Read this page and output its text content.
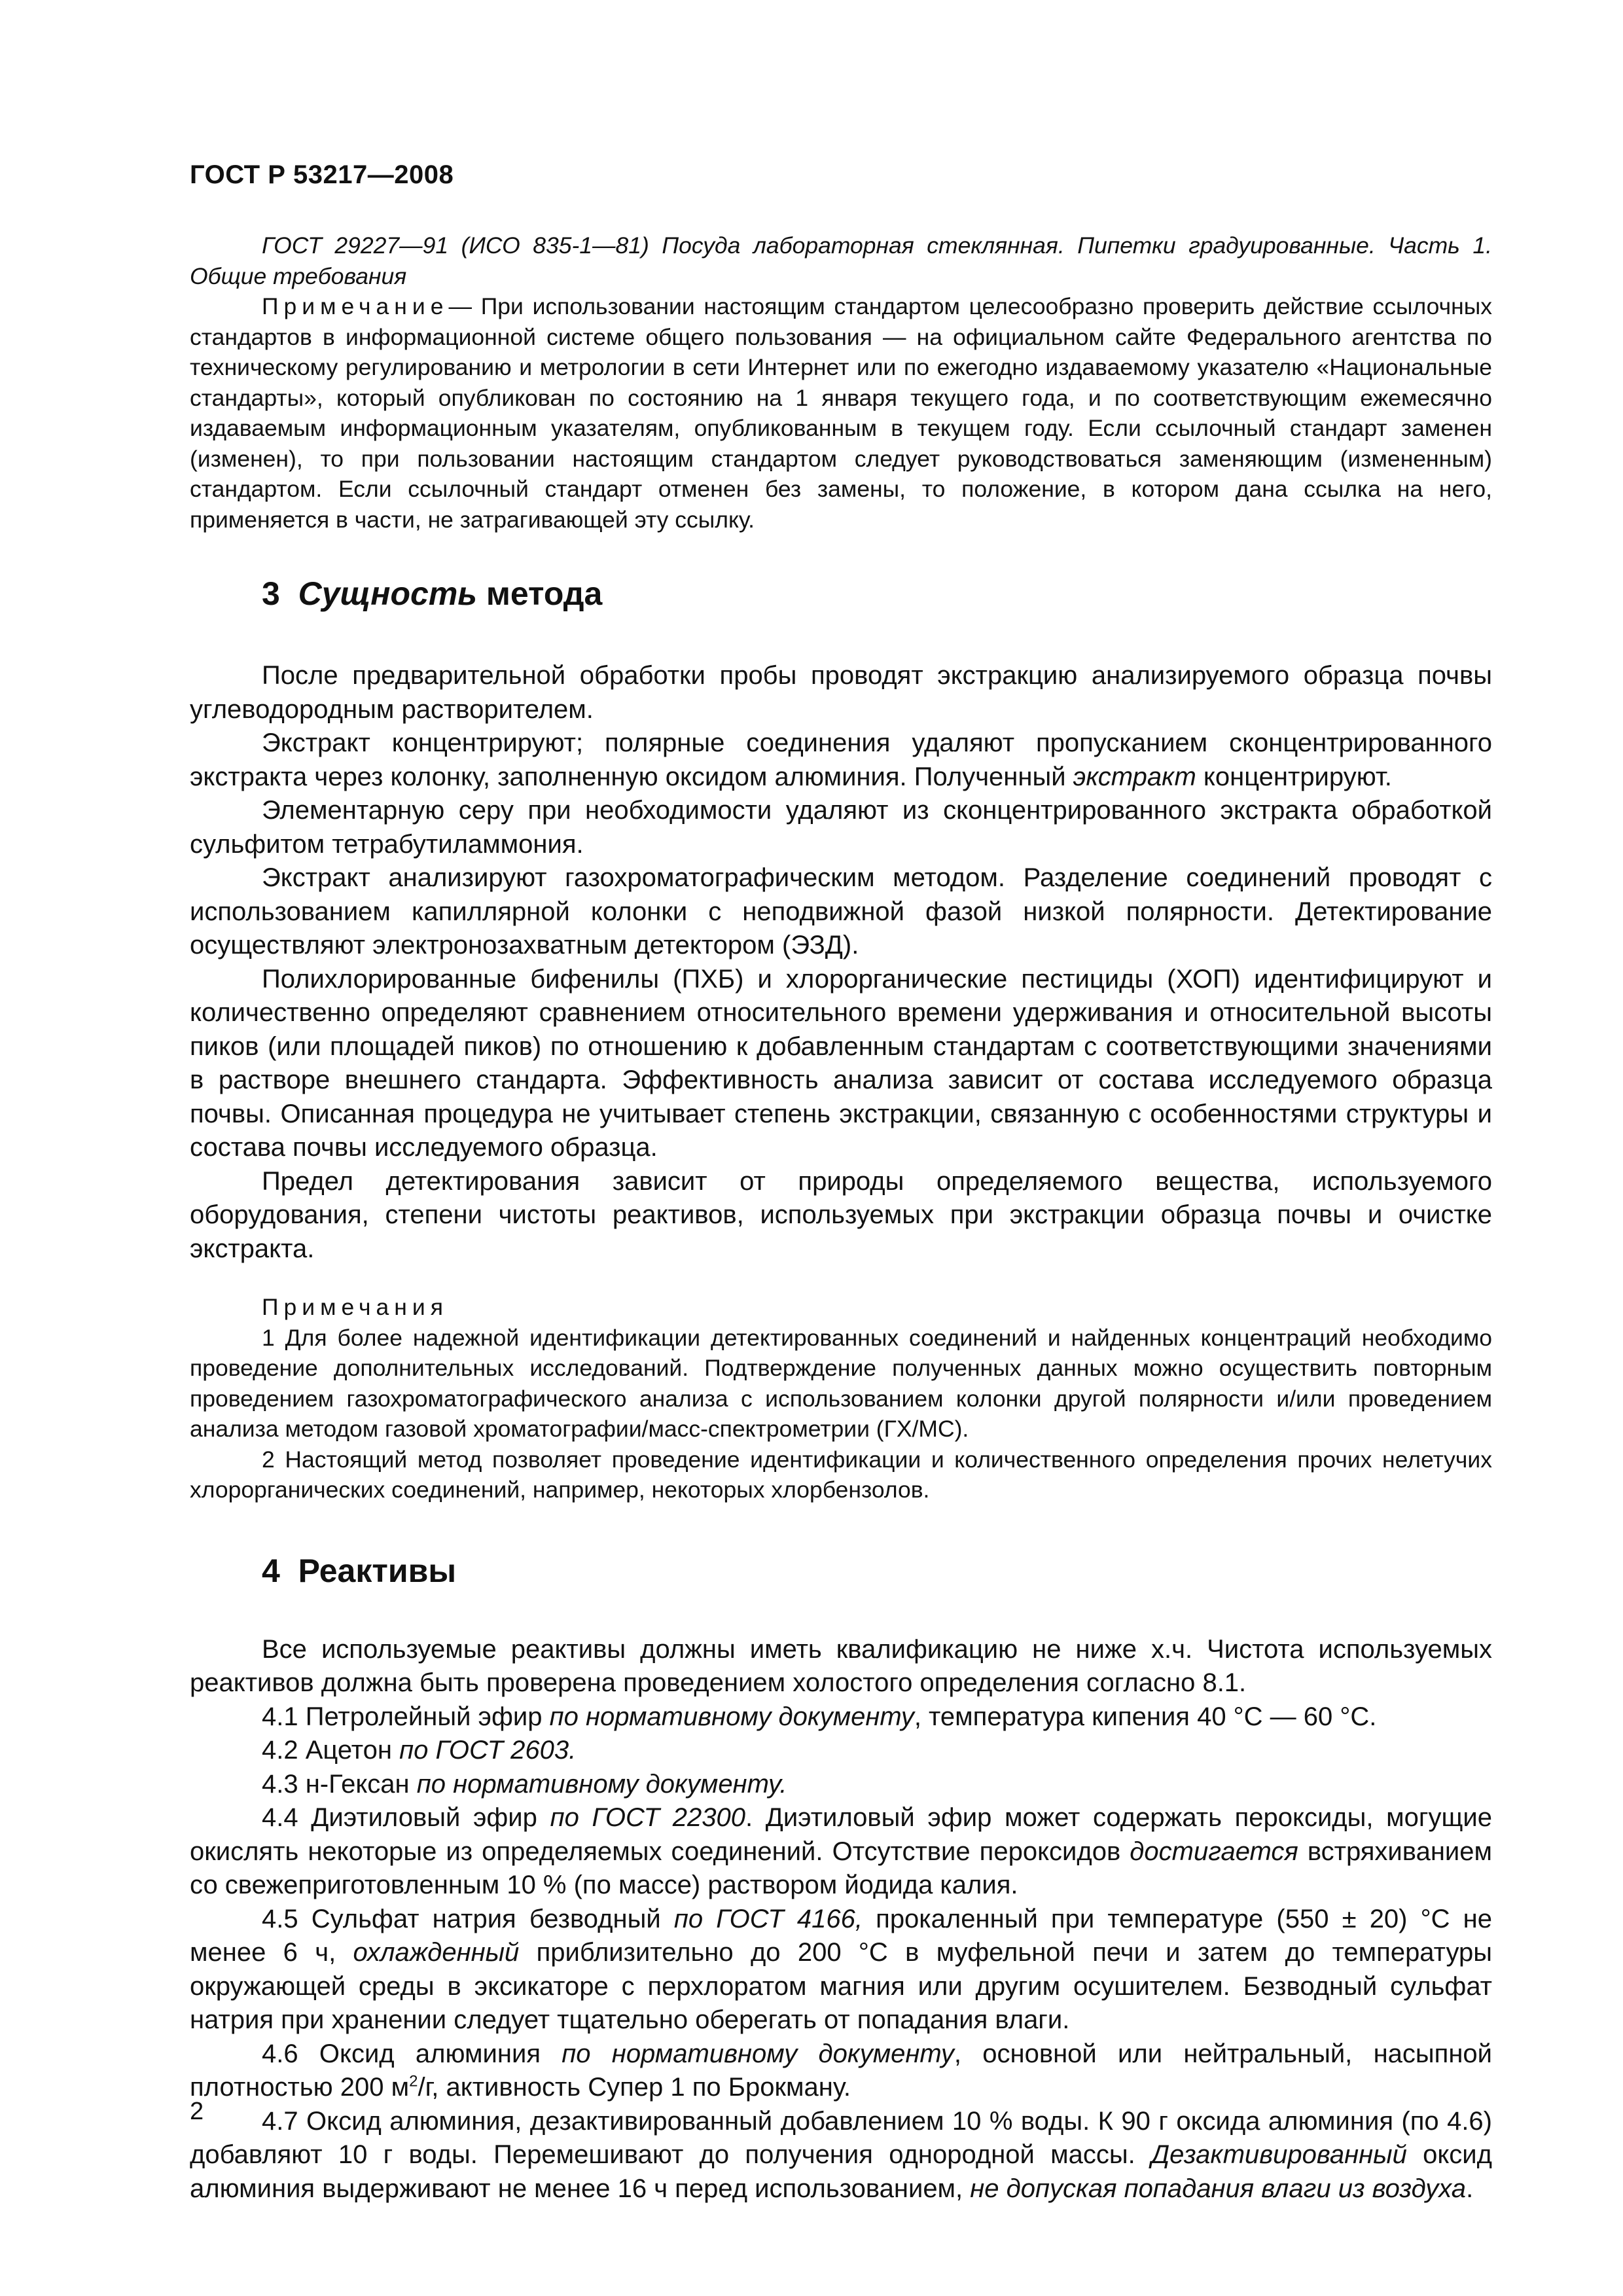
ГОСТ Р 53217—2008

ГОСТ 29227—91 (ИСО 835-1—81) Посуда лабораторная стеклянная. Пипетки градуированные. Часть 1. Общие требования

Примечание— При использовании настоящим стандартом целесообразно проверить действие ссылочных стандартов в информационной системе общего пользования — на официальном сайте Федерального агентства по техническому регулированию и метрологии в сети Интернет или по ежегодно издаваемому указателю «Национальные стандарты», который опубликован по состоянию на 1 января текущего года, и по соответствующим ежемесячно издаваемым информационным указателям, опубликованным в текущем году. Если ссылочный стандарт заменен (изменен), то при пользовании настоящим стандартом следует руководствоваться заменяющим (измененным) стандартом. Если ссылочный стандарт отменен без замены, то положение, в котором дана ссылка на него, применяется в части, не затрагивающей эту ссылку.

3 Сущность метода

После предварительной обработки пробы проводят экстракцию анализируемого образца почвы углеводородным растворителем.

Экстракт концентрируют; полярные соединения удаляют пропусканием сконцентрированного экстракта через колонку, заполненную оксидом алюминия. Полученный экстракт концентрируют.

Элементарную серу при необходимости удаляют из сконцентрированного экстракта обработкой сульфитом тетрабутиламмония.

Экстракт анализируют газохроматографическим методом. Разделение соединений проводят с использованием капиллярной колонки с неподвижной фазой низкой полярности. Детектирование осуществляют электронозахватным детектором (ЭЗД).

Полихлорированные бифенилы (ПХБ) и хлорорганические пестициды (ХОП) идентифицируют и количественно определяют сравнением относительного времени удерживания и относительной высоты пиков (или площадей пиков) по отношению к добавленным стандартам с соответствующими значениями в растворе внешнего стандарта. Эффективность анализа зависит от состава исследуемого образца почвы. Описанная процедура не учитывает степень экстракции, связанную с особенностями структуры и состава почвы исследуемого образца.

Предел детектирования зависит от природы определяемого вещества, используемого оборудования, степени чистоты реактивов, используемых при экстракции образца почвы и очистке экстракта.

Примечания

1 Для более надежной идентификации детектированных соединений и найденных концентраций необходимо проведение дополнительных исследований. Подтверждение полученных данных можно осуществить повторным проведением газохроматографического анализа с использованием колонки другой полярности и/или проведением анализа методом газовой хроматографии/масс-спектрометрии (ГХ/МС).

2 Настоящий метод позволяет проведение идентификации и количественного определения прочих нелетучих хлорорганических соединений, например, некоторых хлорбензолов.

4 Реактивы

Все используемые реактивы должны иметь квалификацию не ниже х.ч. Чистота используемых реактивов должна быть проверена проведением холостого определения согласно 8.1.

4.1 Петролейный эфир по нормативному документу, температура кипения 40 °С — 60 °С.

4.2 Ацетон по ГОСТ 2603.

4.3 н-Гексан по нормативному документу.

4.4 Диэтиловый эфир по ГОСТ 22300. Диэтиловый эфир может содержать пероксиды, могущие окислять некоторые из определяемых соединений. Отсутствие пероксидов достигается встряхиванием со свежеприготовленным 10 % (по массе) раствором йодида калия.

4.5 Сульфат натрия безводный по ГОСТ 4166, прокаленный при температуре (550 ± 20) °С не менее 6 ч, охлажденный приблизительно до 200 °С в муфельной печи и затем до температуры окружающей среды в эксикаторе с перхлоратом магния или другим осушителем. Безводный сульфат натрия при хранении следует тщательно оберегать от попадания влаги.

4.6 Оксид алюминия по нормативному документу, основной или нейтральный, насыпной плотностью 200 $м^2/г$, активность Супер 1 по Брокману.

4.7 Оксид алюминия, дезактивированный добавлением 10 % воды. К 90 г оксида алюминия (по 4.6) добавляют 10 г воды. Перемешивают до получения однородной массы. Дезактивированный оксид алюминия выдерживают не менее 16 ч перед использованием, не допуская попадания влаги из воздуха.

2
